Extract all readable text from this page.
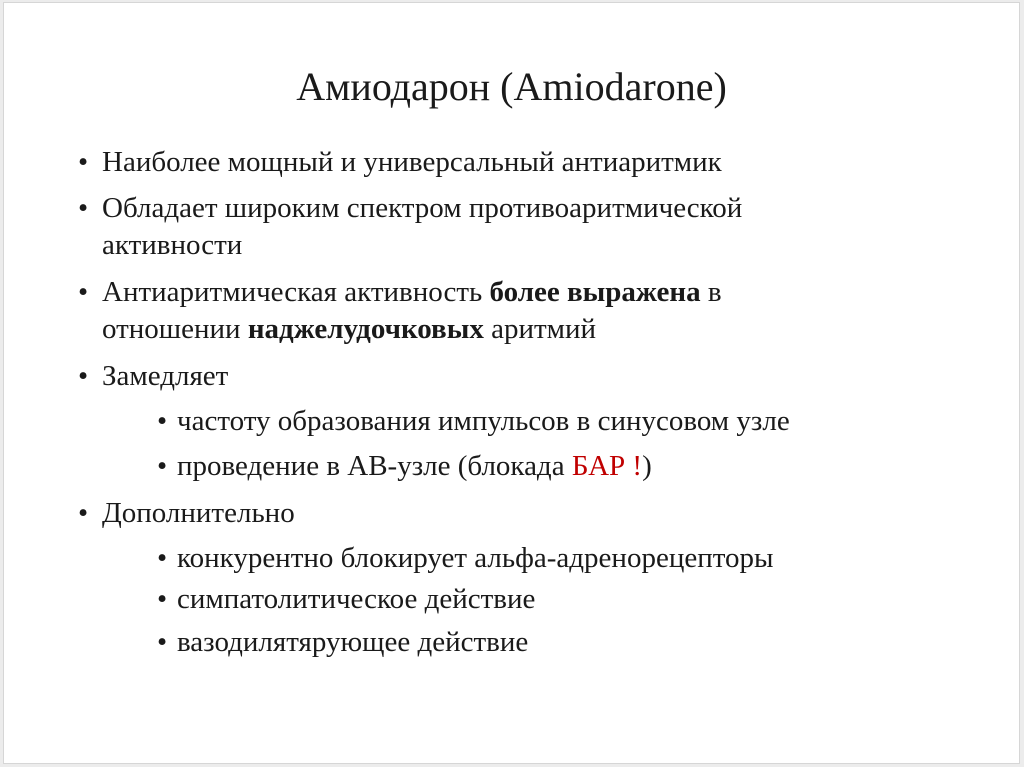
Амиодарон (Amiodarone)
• Наиболее мощный и универсальный антиаритмик
• Обладает широким спектром противоаритмической
активности
• Антиаритмическая активность более выражена в
отношении наджелудочковых аритмий
• Замедляет
• частоту образования импульсов в синусовом узле
• проведение в АВ-узле (блокада БАР !)
• Дополнительно
• конкурентно блокирует альфа-адренорецепторы
• симпатолитическое действие
• вазодилятярующее действие
